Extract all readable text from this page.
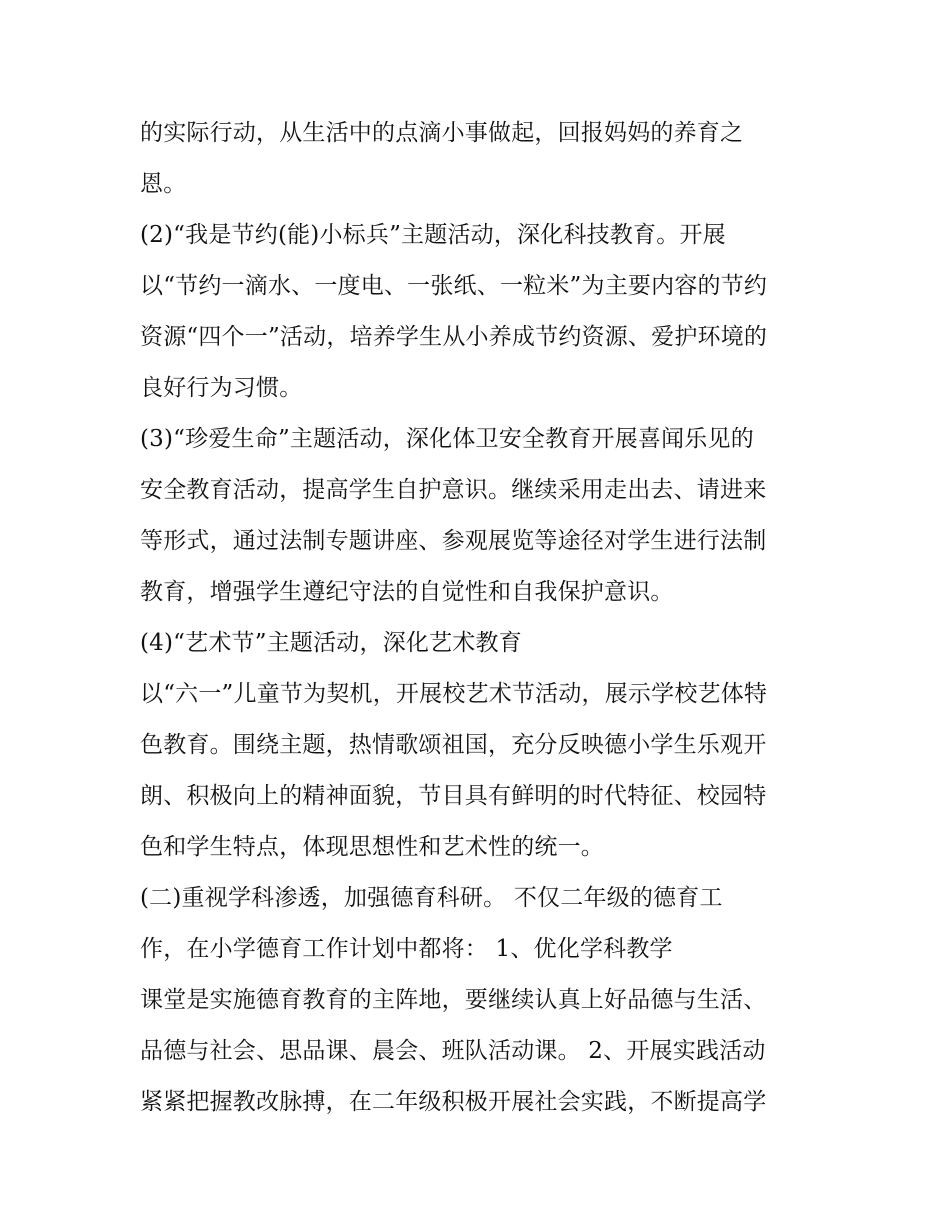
的实际行动，从生活中的点滴小事做起，回报妈妈的养育之
恩。
(2)“我是节约(能)小标兵”主题活动，深化科技教育。开展
以“节约一滴水、一度电、一张纸、一粒米”为主要内容的节约
资源“四个一”活动，培养学生从小养成节约资源、爱护环境的
良好行为习惯。
(3)“珍爱生命”主题活动，深化体卫安全教育开展喜闻乐见的
安全教育活动，提高学生自护意识。继续采用走出去、请进来
等形式，通过法制专题讲座、参观展览等途径对学生进行法制
教育，增强学生遵纪守法的自觉性和自我保护意识。
(4)“艺术节”主题活动，深化艺术教育
以“六一”儿童节为契机，开展校艺术节活动，展示学校艺体特
色教育。围绕主题，热情歌颂祖国，充分反映德小学生乐观开
朗、积极向上的精神面貌，节目具有鲜明的时代特征、校园特
色和学生特点，体现思想性和艺术性的统一。
(二)重视学科渗透，加强德育科研。 不仅二年级的德育工
作，在小学德育工作计划中都将： 1、优化学科教学
课堂是实施德育教育的主阵地，要继续认真上好品德与生活、
品德与社会、思品课、晨会、班队活动课。 2、开展实践活动
紧紧把握教改脉搏，在二年级积极开展社会实践，不断提高学
